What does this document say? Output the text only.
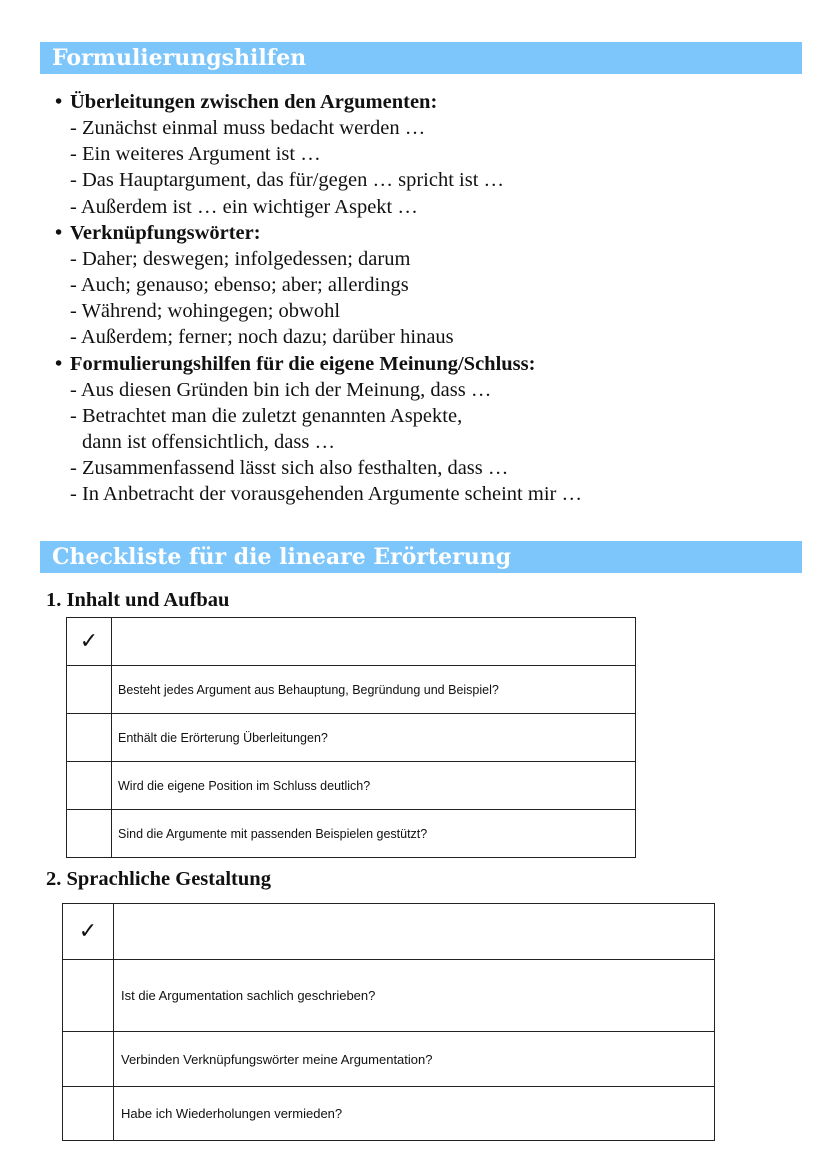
Formulierungshilfen
• Überleitungen zwischen den Argumenten:
- Zunächst einmal muss bedacht werden …
- Ein weiteres Argument ist …
- Das Hauptargument, das für/gegen … spricht ist …
- Außerdem ist … ein wichtiger Aspekt …
• Verknüpfungswörter:
- Daher; deswegen; infolgedessen; darum
- Auch; genauso; ebenso; aber; allerdings
- Während; wohingegen; obwohl
- Außerdem; ferner; noch dazu; darüber hinaus
• Formulierungshilfen für die eigene Meinung/Schluss:
- Aus diesen Gründen bin ich der Meinung, dass …
- Betrachtet man die zuletzt genannten Aspekte,
dann ist offensichtlich, dass …
- Zusammenfassend lässt sich also festhalten, dass …
- In Anbetracht der vorausgehenden Argumente scheint mir …
Checkliste für die lineare Erörterung
1. Inhalt und Aufbau
✓	
	Besteht jedes Argument aus Behauptung, Begründung und Beispiel?
	Enthält die Erörterung Überleitungen?
	Wird die eigene Position im Schluss deutlich?
	Sind die Argumente mit passenden Beispielen gestützt?
2. Sprachliche Gestaltung
✓	
	Ist die Argumentation sachlich geschrieben?
	Verbinden Verknüpfungswörter meine Argumentation?
	Habe ich Wiederholungen vermieden?
